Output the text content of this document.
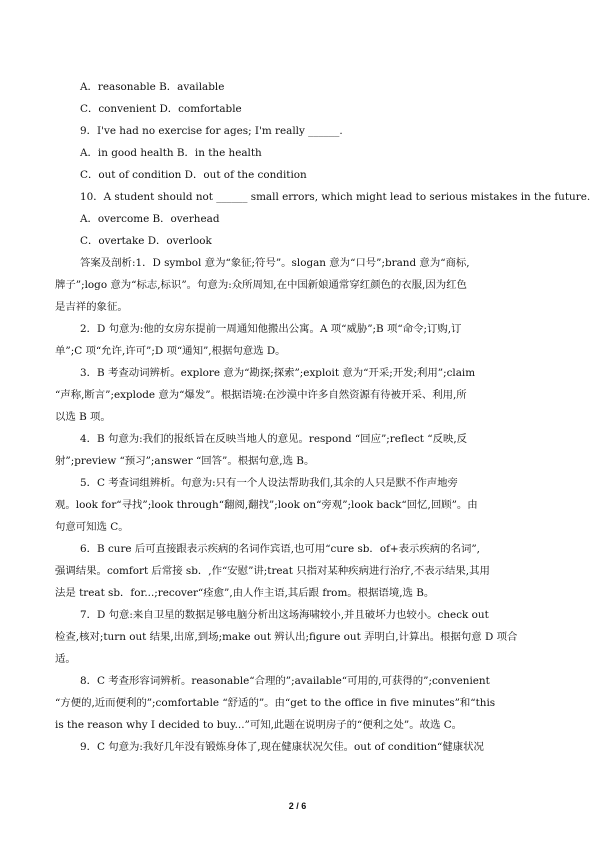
A．reasonable B．available
C．convenient D．comfortable
9．I've had no exercise for ages; I'm really ______.
A．in good health B．in the health
C．out of condition D．out of the condition
10．A student should not ______ small errors, which might lead to serious mistakes in the future.
A．overcome B．overhead
C．overtake D．overlook
答案及剖析:1．D symbol 意为“象征;符号”。slogan 意为“口号”;brand 意为“商标,
牌子”;logo 意为“标志,标识”。句意为:众所周知,在中国新娘通常穿红颜色的衣服,因为红色
是吉祥的象征。
2．D 句意为:他的女房东提前一周通知他搬出公寓。A 项“威胁”;B 项“命令;订购,订
单”;C 项“允许,许可”;D 项“通知”,根据句意选 D。
3．B 考查动词辨析。explore 意为“勘探;探索”;exploit 意为“开采;开发;利用”;claim
“声称,断言”;explode 意为“爆发”。根据语境:在沙漠中许多自然资源有待被开采、利用,所
以选 B 项。
4．B 句意为:我们的报纸旨在反映当地人的意见。respond “回应”;reflect “反映,反
射”;preview “预习”;answer “回答”。根据句意,选 B。
5．C 考查词组辨析。句意为:只有一个人设法帮助我们,其余的人只是默不作声地旁
观。look for“寻找”;look through“翻阅,翻找”;look on“旁观”;look back“回忆,回顾”。由
句意可知选 C。
6．B cure 后可直接跟表示疾病的名词作宾语,也可用“cure sb．of+表示疾病的名词”,
强调结果。comfort 后常接 sb．,作“安慰”讲;treat 只指对某种疾病进行治疗,不表示结果,其用
法是 treat sb．for...;recover“痊愈”,由人作主语,其后跟 from。根据语境,选 B。
7．D 句意:来自卫星的数据足够电脑分析出这场海啸较小,并且破坏力也较小。check out
检查,核对;turn out 结果,出席,到场;make out 辨认出;figure out 弄明白,计算出。根据句意 D 项合
适。
8．C 考查形容词辨析。reasonable“合理的”;available“可用的,可获得的”;convenient
“方便的,近而便利的”;comfortable “舒适的”。由“get to the office in five minutes”和“this
is the reason why I decided to buy...”可知,此题在说明房子的“便利之处”。故选 C。
9．C 句意为:我好几年没有锻炼身体了,现在健康状况欠佳。out of condition“健康状况
2 / 6
